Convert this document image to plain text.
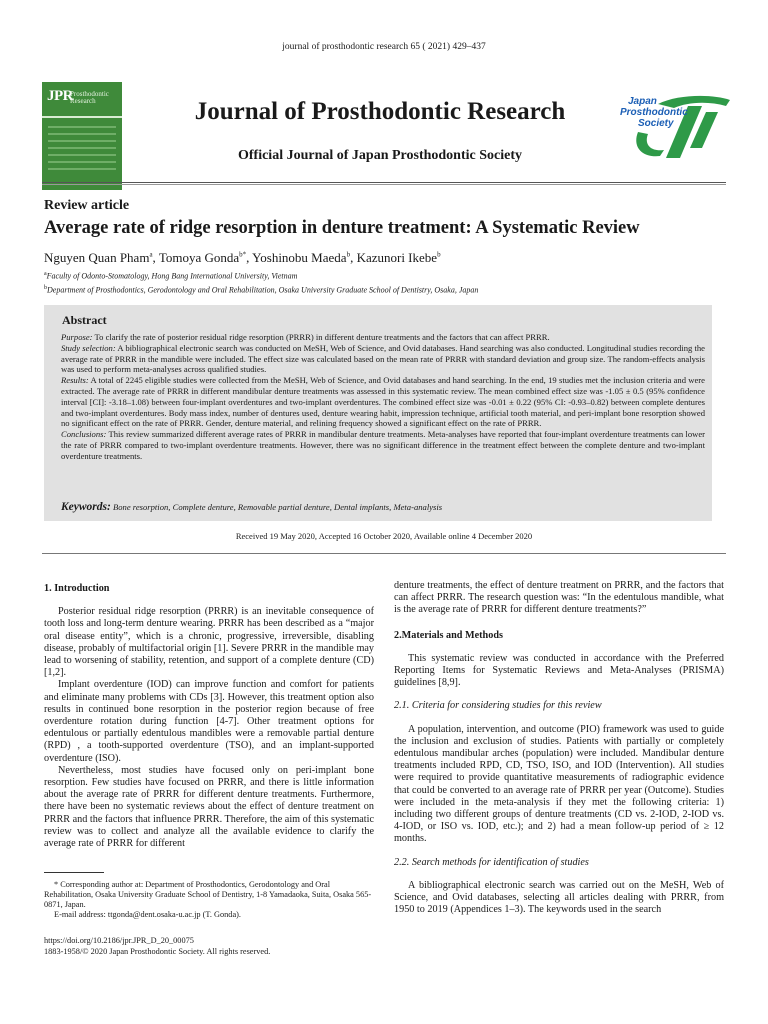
journal of prosthodontic research 65 ( 2021) 429–437
JPR
Prosthodontic
Research	Journal of Prosthodontic Research
Official Journal of Japan Prosthodontic Society
Japan
Prosthodontic
Society
Review article
Average rate of ridge resorption in denture treatment: A Systematic Review
Nguyen Quan Pham$^a$, Tomoya Gonda$^{b*}$, Yoshinobu Maeda$^b$, Kazunori Ikebe$^b$
$^a$Faculty of Odonto-Stomatology, Hong Bang International University, Vietnam
$^b$Department of Prosthodontics, Gerodontology and Oral Rehabilitation, Osaka University Graduate School of Dentistry, Osaka, Japan
Abstract

Purpose: To clarify the rate of posterior residual ridge resorption (PRRR) in different denture treatments and the factors that can affect PRRR.

Study selection: A bibliographical electronic search was conducted on MeSH, Web of Science, and Ovid databases. Hand searching was also conducted. Longitudinal studies recording the average rate of PRRR in the mandible were included. The effect size was calculated based on the mean rate of PRRR with standard deviation and group size. The random-effects analysis was used to perform meta-analyses across qualified studies.

Results: A total of 2245 eligible studies were collected from the MeSH, Web of Science, and Ovid databases and hand searching. In the end, 19 studies met the inclusion criteria and were extracted. The average rate of PRRR in different mandibular denture treatments was assessed in this systematic review. The mean combined effect size was -1.05 ± 0.5 (95% confidence interval [CI]: -3.18–1.08) between four-implant overdentures and two-implant overdentures. The combined effect size was -0.01 ± 0.22 (95% CI: -0.93–0.82) between complete dentures and two-implant overdentures. Body mass index, number of dentures used, denture wearing habit, impression technique, artificial tooth material, and peri-implant bone resorption showed no significant effect on the rate of PRRR. Gender, denture material, and relining frequency showed a significant effect on the rate of PRRR.

Conclusions: This review summarized different average rates of PRRR in mandibular denture treatments. Meta-analyses have reported that four-implant overdenture treatments can lower the rate of PRRR compared to two-implant overdenture treatments. However, there was no significant difference in the treatment effect between the complete denture and two-implant overdenture treatments.

Keywords: Bone resorption, Complete denture, Removable partial denture, Dental implants, Meta-analysis
Received 19 May 2020, Accepted 16 October 2020, Available online 4 December 2020
1. Introduction

Posterior residual ridge resorption (PRRR) is an inevitable consequence of tooth loss and long-term denture wearing. PRRR has been described as a “major oral disease entity”, which is a chronic, progressive, irreversible, disabling disease, probably of multifactorial origin [1]. Severe PRRR in the mandible may lead to worsening of stability, retention, and support of a complete denture (CD) [1,2].

Implant overdenture (IOD) can improve function and comfort for patients and eliminate many problems with CDs [3]. However, this treatment option also results in continued bone resorption in the posterior region because of free overdenture rotation during function [4-7]. Other treatment options for edentulous or partially edentulous mandibles were a removable partial denture (RPD) , a tooth-supported overdenture (TSO), and an implant-supported overdenture (ISO).

Nevertheless, most studies have focused only on peri-implant bone resorption. Few studies have focused on PRRR, and there is little information about the average rate of PRRR for different denture treatments. Furthermore, there have been no systematic reviews about the effect of denture treatment on PRRR and the factors that influence PRRR. Therefore, the aim of this systematic review was to collect and analyze all the available evidence to clarify the average rate of PRRR for different

* Corresponding author at: Department of Prosthodontics, Gerodontology and Oral Rehabilitation, Osaka University Graduate School of Dentistry, 1-8 Yamadaoka, Suita, Osaka 565-0871, Japan.

E-mail address: ttgonda@dent.osaka-u.ac.jp (T. Gonda).

https://doi.org/10.2186/jpr.JPR_D_20_00075
1883-1958/© 2020 Japan Prosthodontic Society. All rights reserved.

denture treatments, the effect of denture treatment on PRRR, and the factors that can affect PRRR. The research question was: “In the edentulous mandible, what is the average rate of PRRR for different denture treatments?”

2.Materials and Methods

This systematic review was conducted in accordance with the Preferred Reporting Items for Systematic Reviews and Meta-Analyses (PRISMA) guidelines [8,9].

2.1. Criteria for considering studies for this review

A population, intervention, and outcome (PIO) framework was used to guide the inclusion and exclusion of studies. Patients with partially or completely edentulous mandibular arches (population) were included. Mandibular denture treatments included RPD, CD, TSO, ISO, and IOD (Intervention). All studies were required to provide quantitative measurements of radiographic evidence that could be converted to an average rate of PRRR per year (Outcome). Studies were included in the meta-analysis if they met the following criteria: 1) including two different groups of denture treatments (CD vs. 2-IOD, 2-IOD vs. 4-IOD, or ISO vs. IOD, etc.); and 2) had a mean follow-up period of ≥ 12 months.

2.2. Search methods for identification of studies

A bibliographical electronic search was carried out on the MeSH, Web of Science, and Ovid databases, selecting all articles dealing with PRRR, from 1950 to 2019 (Appendices 1–3). The keywords used in the search
